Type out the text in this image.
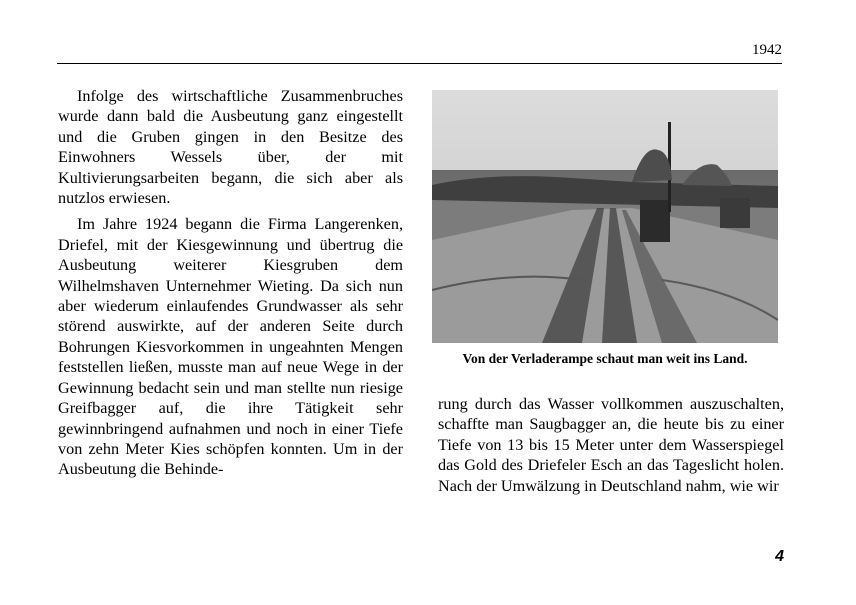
1942

Infolge des wirtschaftliche Zusammenbruches wurde dann bald die Ausbeutung ganz eingestellt und die Gruben gingen in den Besitze des Einwohners Wessels über, der mit Kultivierungsarbeiten begann, die sich aber als nutzlos erwiesen.

Im Jahre 1924 begann die Firma Langerenken, Driefel, mit der Kiesgewinnung und übertrug die Ausbeutung weiterer Kiesgruben dem Wilhelmshaven Unternehmer Wieting. Da sich nun aber wiederum einlaufendes Grundwasser als sehr störend auswirkte, auf der anderen Seite durch Bohrungen Kiesvorkommen in ungeahnten Mengen feststellen ließen, musste man auf neue Wege in der Gewinnung bedacht sein und man stellte nun riesige Greifbagger auf, die ihre Tätigkeit sehr gewinnbringend aufnahmen und noch in einer Tiefe von zehn Meter Kies schöpfen konnten. Um in der Ausbeutung die Behinde-

Von der Verladerampe schaut man weit ins Land.

rung durch das Wasser vollkommen auszuschalten, schaffte man Saugbagger an, die heute bis zu einer Tiefe von 13 bis 15 Meter unter dem Wasserspiegel das Gold des Driefeler Esch an das Tageslicht holen. Nach der Umwälzung in Deutschland nahm, wie wir

4
